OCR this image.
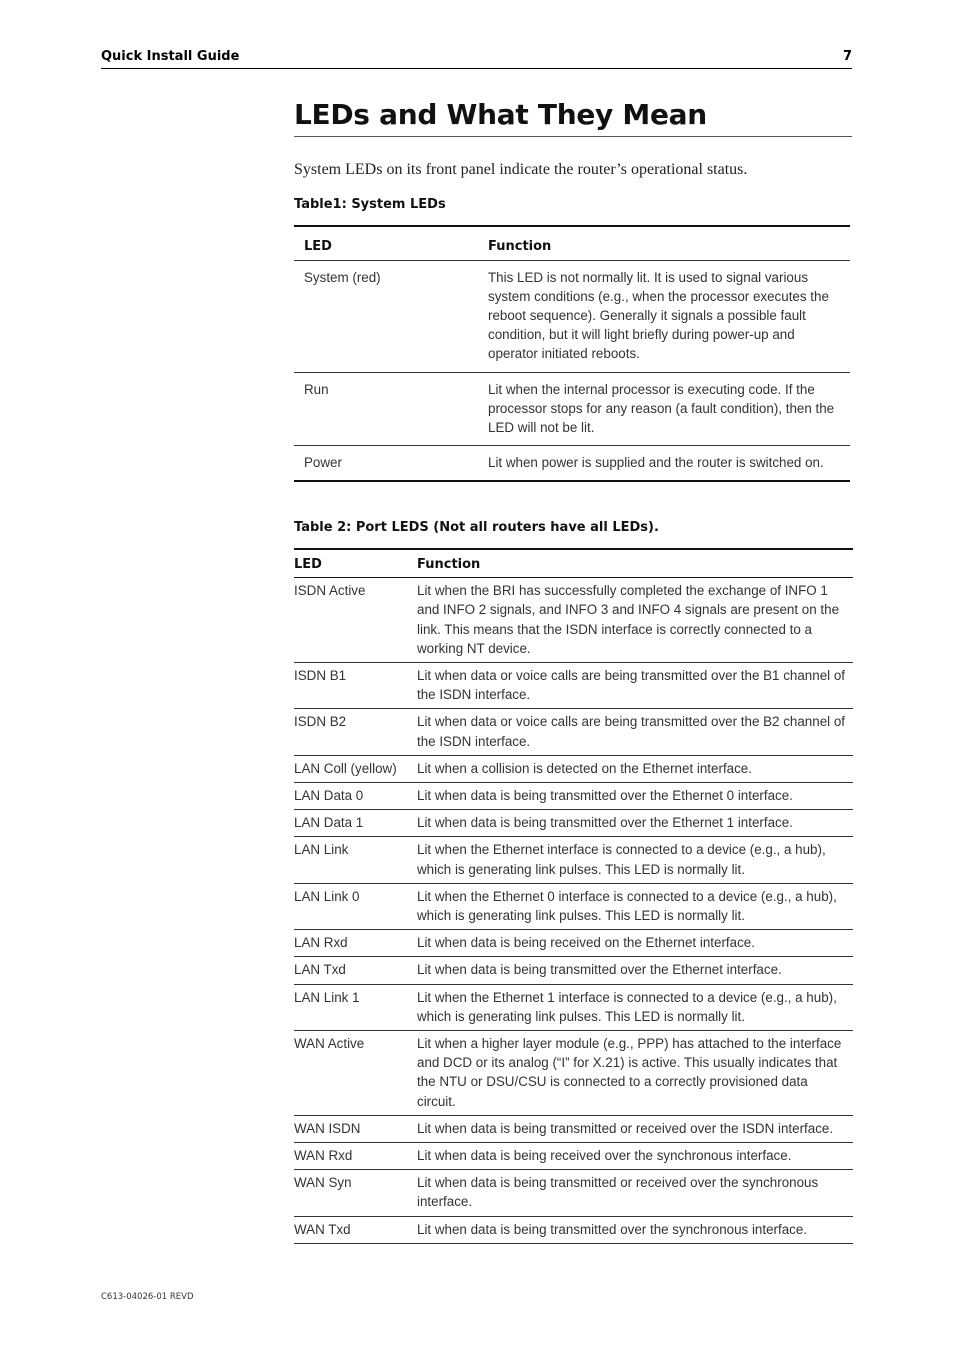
Quick Install Guide	7
LEDs and What They Mean

System LEDs on its front panel indicate the router’s operational status.

Table1: System LEDs

LED	Function
System (red)	This LED is not normally lit. It is used to signal various system conditions (e.g., when the processor executes the reboot sequence). Generally it signals a possible fault condition, but it will light briefly during power-up and operator initiated reboots.
Run	Lit when the internal processor is executing code. If the processor stops for any reason (a fault condition), then the LED will not be lit.
Power	Lit when power is supplied and the router is switched on.

Table 2: Port LEDS (Not all routers have all LEDs).

LED	Function
ISDN Active	Lit when the BRI has successfully completed the exchange of INFO 1 and INFO 2 signals, and INFO 3 and INFO 4 signals are present on the link. This means that the ISDN interface is correctly connected to a working NT device.
ISDN B1	Lit when data or voice calls are being transmitted over the B1 channel of the ISDN interface.
ISDN B2	Lit when data or voice calls are being transmitted over the B2 channel of the ISDN interface.
LAN Coll (yellow)	Lit when a collision is detected on the Ethernet interface.
LAN Data 0	Lit when data is being transmitted over the Ethernet 0 interface.
LAN Data 1	Lit when data is being transmitted over the Ethernet 1 interface.
LAN Link	Lit when the Ethernet interface is connected to a device (e.g., a hub), which is generating link pulses. This LED is normally lit.
LAN Link 0	Lit when the Ethernet 0 interface is connected to a device (e.g., a hub), which is generating link pulses. This LED is normally lit.
LAN Rxd	Lit when data is being received on the Ethernet interface.
LAN Txd	Lit when data is being transmitted over the Ethernet interface.
LAN Link 1	Lit when the Ethernet 1 interface is connected to a device (e.g., a hub), which is generating link pulses. This LED is normally lit.
WAN Active	Lit when a higher layer module (e.g., PPP) has attached to the interface and DCD or its analog (“I” for X.21) is active. This usually indicates that the NTU or DSU/CSU is connected to a correctly provisioned data circuit.
WAN ISDN	Lit when data is being transmitted or received over the ISDN interface.
WAN Rxd	Lit when data is being received over the synchronous interface.
WAN Syn	Lit when data is being transmitted or received over the synchronous interface.
WAN Txd	Lit when data is being transmitted over the synchronous interface.
C613-04026-01 REVD
